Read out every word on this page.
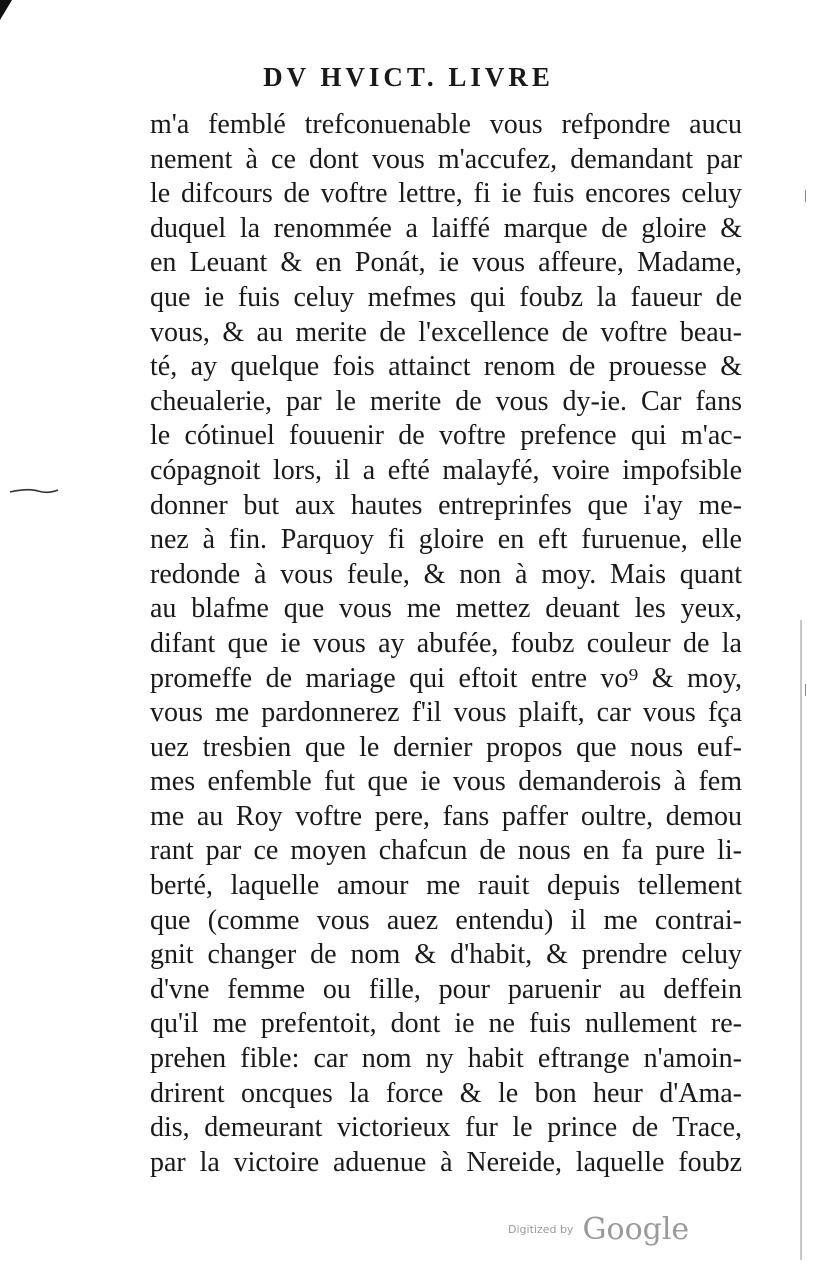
DV HVICT. LIVRE
m'a femblé trefconuenable vous refpondre aucu
nement à ce dont vous m'accufez, demandant par
le difcours de voftre lettre, fi ie fuis encores celuy
duquel la renommée a laiffé marque de gloire &
en Leuant & en Ponát, ie vous affeure, Madame,
que ie fuis celuy mefmes qui foubz la faueur de
vous, & au merite de l'excellence de voftre beau-
té, ay quelque fois attainct renom de prouesse &
cheualerie, par le merite de vous dy-ie. Car fans
le cótinuel fouuenir de voftre prefence qui m'ac-
cópagnoit lors, il a efté malayfé, voire impofsible
donner but aux hautes entreprinfes que i'ay me-
nez à fin. Parquoy fi gloire en eft furuenue, elle
redonde à vous feule, & non à moy. Mais quant
au blafme que vous me mettez deuant les yeux,
difant que ie vous ay abufée, foubz couleur de la
promeffe de mariage qui eftoit entre vo⁹ & moy,
vous me pardonnerez f'il vous plaift, car vous fça
uez tresbien que le dernier propos que nous euf-
mes enfemble fut que ie vous demanderois à fem
me au Roy voftre pere, fans paffer oultre, demou
rant par ce moyen chafcun de nous en fa pure li-
berté, laquelle amour me rauit depuis tellement
que (comme vous auez entendu) il me contrai-
gnit changer de nom & d'habit, & prendre celuy
d'vne femme ou fille, pour paruenir au deffein
qu'il me prefentoit, dont ie ne fuis nullement re-
prehen fible: car nom ny habit eftrange n'amoin-
drirent oncques la force & le bon heur d'Ama-
dis, demeurant victorieux fur le prince de Trace,
par la victoire aduenue à Nereide, laquelle foubz
Digitized by Google
